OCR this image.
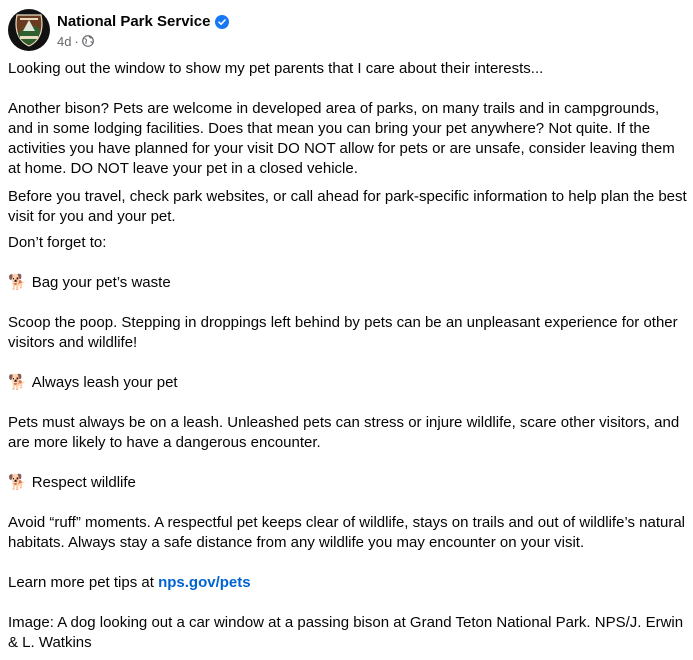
National Park Service
4d ·

Looking out the window to show my pet parents that I care about their interests...

Another bison? Pets are welcome in developed area of parks, on many trails and in campgrounds, and in some lodging facilities. Does that mean you can bring your pet anywhere? Not quite. If the activities you have planned for your visit DO NOT allow for pets or are unsafe, consider leaving them at home. DO NOT leave your pet in a closed vehicle.

Before you travel, check park websites, or call ahead for park-specific information to help plan the best visit for you and your pet.

Don’t forget to:

🐕 Bag your pet’s waste

Scoop the poop. Stepping in droppings left behind by pets can be an unpleasant experience for other visitors and wildlife!

🐕 Always leash your pet

Pets must always be on a leash. Unleashed pets can stress or injure wildlife, scare other visitors, and are more likely to have a dangerous encounter.

🐕 Respect wildlife

Avoid “ruff” moments. A respectful pet keeps clear of wildlife, stays on trails and out of wildlife’s natural habitats. Always stay a safe distance from any wildlife you may encounter on your visit.

Learn more pet tips at nps.gov/pets

Image: A dog looking out a car window at a passing bison at Grand Teton National Park. NPS/J. Erwin & L. Watkins
